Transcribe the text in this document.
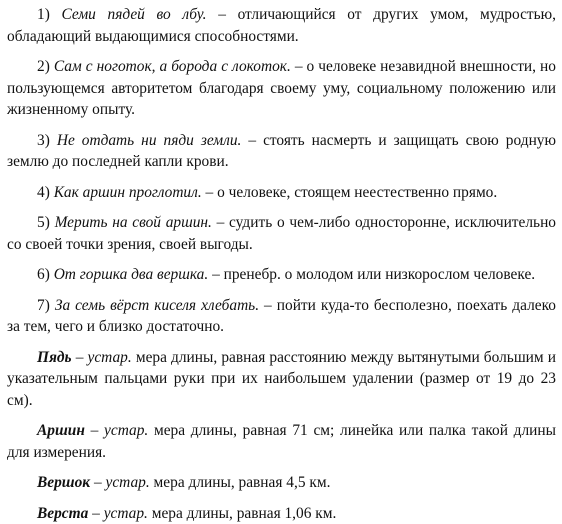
1) Семи пядей во лбу. – отличающийся от других умом, мудростью, обладающий выдающимися способностями.

2) Сам с ноготок, а борода с локоток. – о человеке незавидной внешности, но пользующемся авторитетом благодаря своему уму, социальному положению или жизненному опыту.

3) Не отдать ни пяди земли. – стоять насмерть и защищать свою родную землю до последней капли крови.

4) Как аршин проглотил. – о человеке, стоящем неестественно прямо.

5) Мерить на свой аршин. – судить о чем-либо односторонне, исключительно со своей точки зрения, своей выгоды.

6) От горшка два вершка. – пренебр. о молодом или низкорослом человеке.

7) За семь вёрст киселя хлебать. – пойти куда-то бесполезно, поехать далеко за тем, чего и близко достаточно.

Пядь – устар. мера длины, равная расстоянию между вытянутыми большим и указательным пальцами руки при их наибольшем удалении (размер от 19 до 23 см).

Аршин – устар. мера длины, равная 71 см; линейка или палка такой длины для измерения.

Вершок – устар. мера длины, равная 4,5 км.

Верста – устар. мера длины, равная 1,06 км.
